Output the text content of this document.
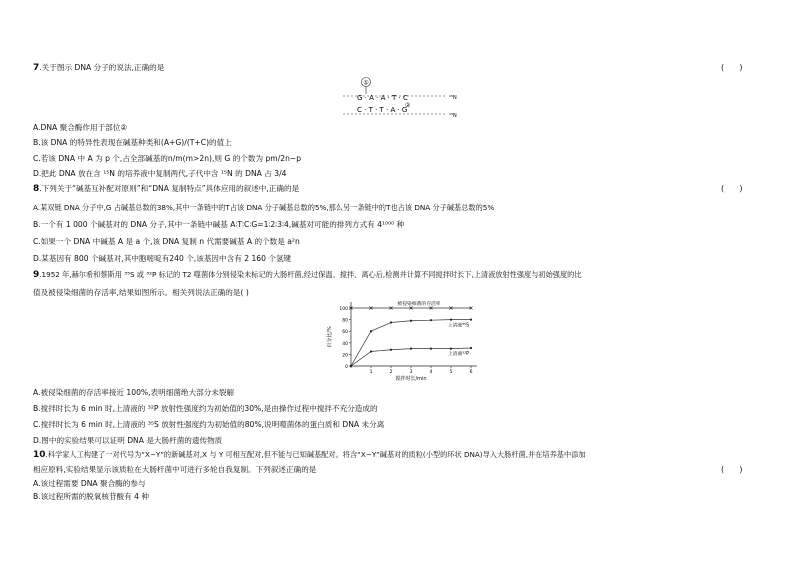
7.关于图示 DNA 分子的说法,正确的是	(      )
①
G · A · A · T · C	¹⁵N
②
C · T · T · A · G
¹⁵N
A.DNA 聚合酶作用于部位②
B.该 DNA 的特异性表现在碱基种类和(A+G)/(T+C)的值上
C.若该 DNA 中 A 为 p 个,占全部碱基的n/m(m>2n),则 G 的个数为 pm/2n−p
D.把此 DNA 放在含 ¹⁵N 的培养液中复制两代,子代中含 ¹⁵N 的 DNA 占 3/4
8.下列关于“碱基互补配对原则”和“DNA 复制特点”具体应用的叙述中,正确的是	(      )
A.某双链 DNA 分子中,G 占碱基总数的38%,其中一条链中的T占该 DNA 分子碱基总数的5%,那么另一条链中的T也占该 DNA 分子碱基总数的5%
B.一个有 1 000 个碱基对的 DNA 分子,其中一条链中碱基 A∶T∶C∶G=1∶2∶3∶4,碱基对可能的排列方式有 4¹⁰⁰⁰ 种
C.如果一个 DNA 中碱基 A 是 a 个,该 DNA 复制 n 代需要碱基 A 的个数是 a²n
D.某基因有 800 个碱基对,其中胞嘧啶有240 个,该基因中含有 2 160 个氢键
9.1952 年,赫尔希和蔡斯用 ³⁵S 或 ³²P 标记的 T2 噬菌体分别侵染未标记的大肠杆菌,经过保温、搅拌、离心后,检测并计算不同搅拌时长下,上清液放射性强度与初始强度的比
值及被侵染细菌的存活率,结果如图所示。相关列说法正确的是( )
0
20
40
60
80
100
1	2	3	4	5	6
搅拌时长/min
百分比/%
被侵染细菌的存活率
上清液³⁵S
上清液³²P
A.被侵染细菌的存活率接近 100%,表明细菌绝大部分未裂解
B.搅拌时长为 6 min 时,上清液的 ³²P 放射性强度约为初始值的30%,是由操作过程中搅拌不充分造成的
C.搅拌时长为 6 min 时,上清液的 ³⁵S 放射性强度约为初始值的80%,说明噬菌体的蛋白质和 DNA 未分离
D.图中的实验结果可以证明 DNA 是大肠杆菌的遗传物质
10.科学家人工构建了一对代号为“X−Y”的新碱基对,X 与 Y 可相互配对,但不能与已知碱基配对。将含“X−Y”碱基对的质粒(小型的环状 DNA)导入大肠杆菌,并在培养基中添加
相应原料,实验结果显示该质粒在大肠杆菌中可进行多轮自我复制。下列叙述正确的是	(      )
A.该过程需要 DNA 聚合酶的参与
B.该过程所需的脱氧核苷酸有 4 种
